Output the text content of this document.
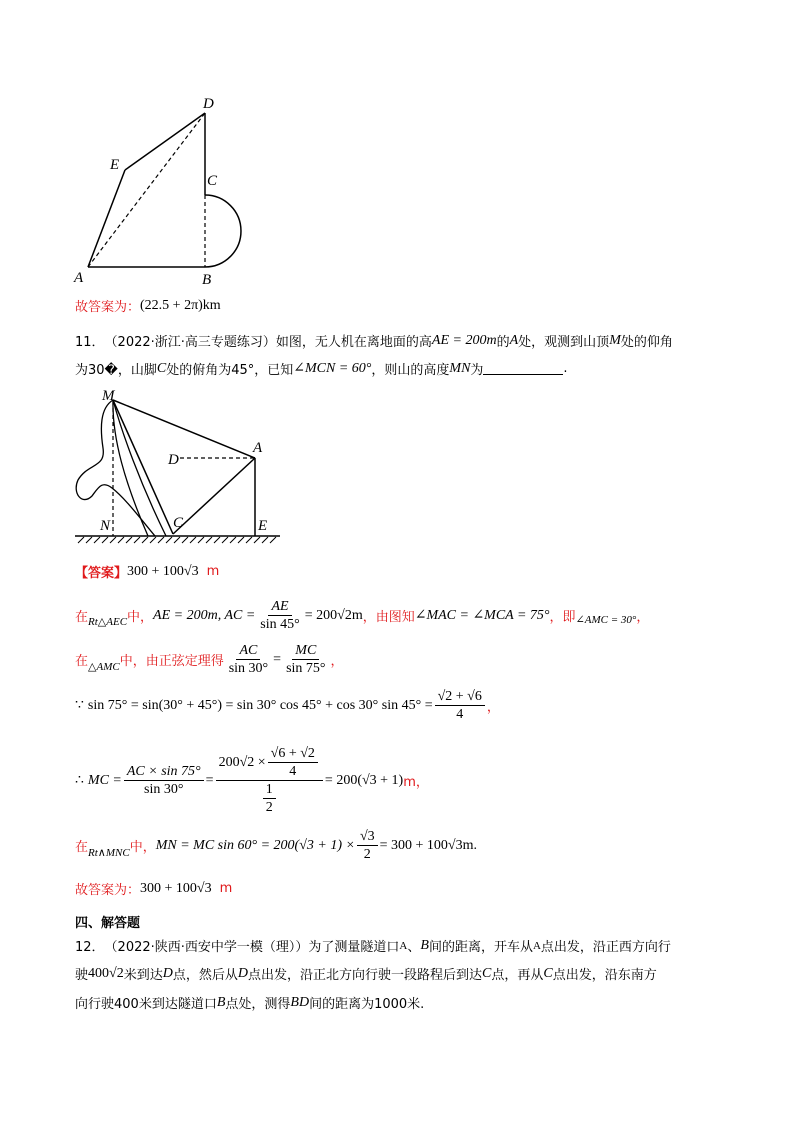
D
E
C
A	B
故答案为： (22.5 + 2π)km
11． （2022·浙江·高三专题练习） 如图，无人机在离地面的高 AE = 200m 的 A 处，观测到山顶 M 处的仰角
为30�，山脚 C 处的俯角为45°，已知 ∠MCN = 60° ，则山的高度 MN 为	.
M
D
A
N	C	E
【答案】 300 + 100√3 m
在 Rt△AEC 中， AE = 200m, AC = $\frac{AE}{\sin 45^\circ} = 200√2m$ ，由图知 ∠MAC = ∠MCA = 75° ，即 ∠AMC = 30° ，
在 △AMC 中，由正弦定理得 $\frac{AC}{\sin 30^\circ} = \frac{MC}{\sin 75^\circ}$ ，
∵ sin 75° = sin(30° + 45°) = sin 30° cos 45° + cos 30° $\sin 45^\circ = \frac{√2 + √6}{4}$ ，
∴ MC = $\frac{AC \times \sin 75^\circ}{\sin 30^\circ} = \frac{200√2 \times \frac{√6 + √2}{4}}{\frac{1}{2}} = 200(√3 + 1)$ m，
在 Rt∧MNC 中， MN = MC $\sin 60^\circ = 200(√3 + 1) \times \frac{√3}{2} = 300 + 100√3m$.
故答案为： 300 + 100√3 m
四、解答题
12． （2022·陕西·西安中学一模（理）） 为了测量隧道口 A 、 B 间的距离，开车从 A 点出发，沿正西方向行
驶 400√2 米到达 D 点，然后从 D 点出发，沿正北方向行驶一段路程后到达 C 点，再从 C 点出发，沿东南方
向行驶400米到达隧道口 B 点处，测得 BD 间的距离为1000米.
